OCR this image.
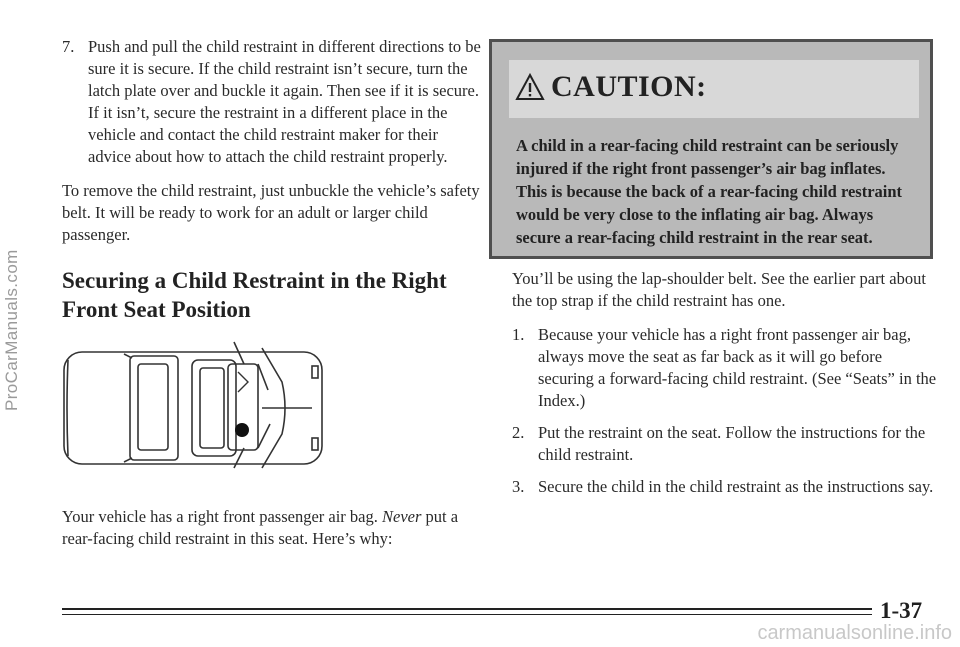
ProCarManuals.com
7. Push and pull the child restraint in different directions to be sure it is secure. If the child restraint isn’t secure, turn the latch plate over and buckle it again. Then see if it is secure. If it isn’t, secure the restraint in a different place in the vehicle and contact the child restraint maker for their advice about how to attach the child restraint properly.

To remove the child restraint, just unbuckle the vehicle’s safety belt. It will be ready to work for an adult or larger child passenger.

Securing a Child Restraint in the Right Front Seat Position
Your vehicle has a right front passenger air bag. Never put a rear-facing child restraint in this seat. Here’s why:
CAUTION:

A child in a rear-facing child restraint can be seriously injured if the right front passenger’s air bag inflates. This is because the back of a rear-facing child restraint would be very close to the inflating air bag. Always secure a rear-facing child restraint in the rear seat.

You’ll be using the lap-shoulder belt. See the earlier part about the top strap if the child restraint has one.

1. Because your vehicle has a right front passenger air bag, always move the seat as far back as it will go before securing a forward-facing child restraint. (See “Seats” in the Index.)
2. Put the restraint on the seat. Follow the instructions for the child restraint.
3. Secure the child in the child restraint as the instructions say.
1-37
carmanualsonline.info
